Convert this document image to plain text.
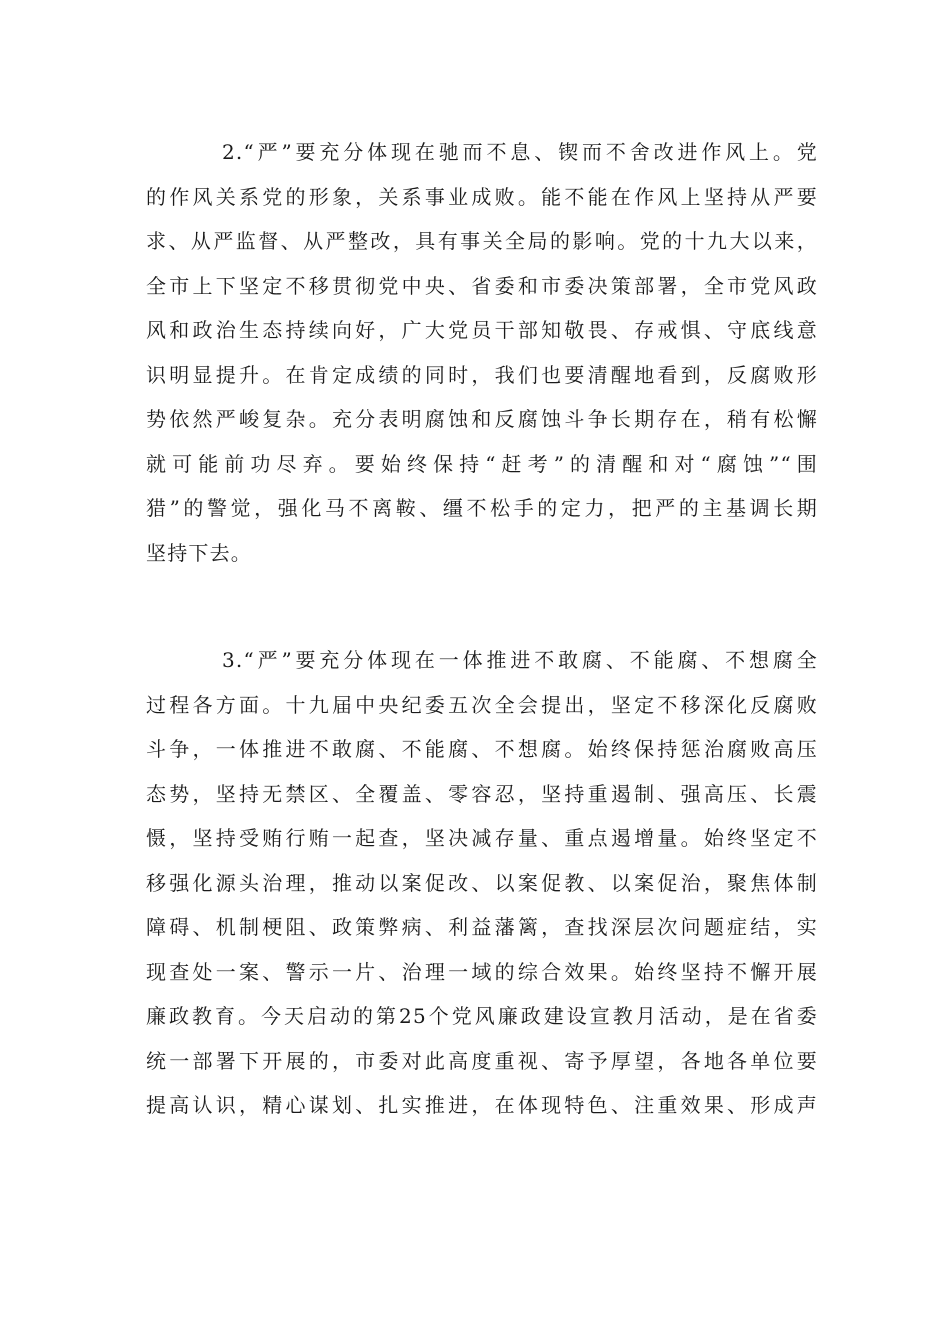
2.“严”要充分体现在驰而不息、锲而不舍改进作风上。党
的作风关系党的形象，关系事业成败。能不能在作风上坚持从严要
求、从严监督、从严整改，具有事关全局的影响。党的十九大以来，
全市上下坚定不移贯彻党中央、省委和市委决策部署，全市党风政
风和政治生态持续向好，广大党员干部知敬畏、存戒惧、守底线意
识明显提升。在肯定成绩的同时，我们也要清醒地看到，反腐败形
势依然严峻复杂。充分表明腐蚀和反腐蚀斗争长期存在，稍有松懈
就可能前功尽弃。要始终保持“赶考”的清醒和对“腐蚀”“围
猎”的警觉，强化马不离鞍、缰不松手的定力，把严的主基调长期
坚持下去。

3.“严”要充分体现在一体推进不敢腐、不能腐、不想腐全
过程各方面。十九届中央纪委五次全会提出，坚定不移深化反腐败
斗争，一体推进不敢腐、不能腐、不想腐。始终保持惩治腐败高压
态势，坚持无禁区、全覆盖、零容忍，坚持重遏制、强高压、长震
慑，坚持受贿行贿一起查，坚决减存量、重点遏增量。始终坚定不
移强化源头治理，推动以案促改、以案促教、以案促治，聚焦体制
障碍、机制梗阻、政策弊病、利益藩篱，查找深层次问题症结，实
现查处一案、警示一片、治理一域的综合效果。始终坚持不懈开展
廉政教育。今天启动的第25个党风廉政建设宣教月活动，是在省委
统一部署下开展的，市委对此高度重视、寄予厚望，各地各单位要
提高认识，精心谋划、扎实推进，在体现特色、注重效果、形成声
